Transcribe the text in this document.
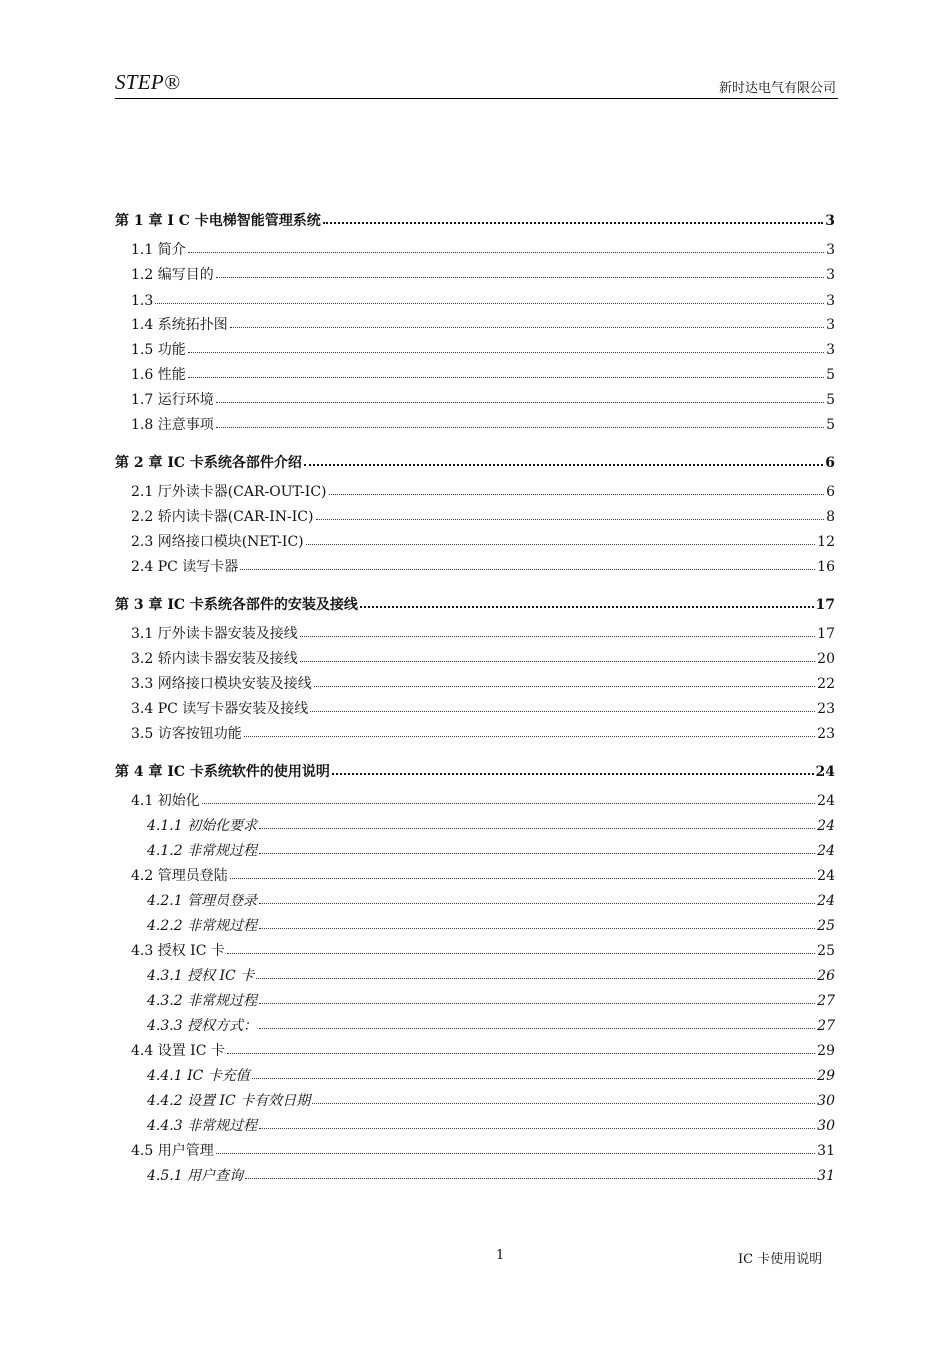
STEP®	新时达电气有限公司
第 1 章 I C 卡电梯智能管理系统	3
1.1 简介	3
1.2 编写目的	3
1.3	3
1.4 系统拓扑图	3
1.5 功能	3
1.6 性能	5
1.7 运行环境	5
1.8 注意事项	5
第 2 章 IC 卡系统各部件介绍	6
2.1 厅外读卡器(CAR-OUT-IC)	6
2.2 轿内读卡器(CAR-IN-IC)	8
2.3 网络接口模块(NET-IC)	12
2.4 PC 读写卡器	16
第 3 章 IC 卡系统各部件的安装及接线	17
3.1 厅外读卡器安装及接线	17
3.2 轿内读卡器安装及接线	20
3.3 网络接口模块安装及接线	22
3.4 PC 读写卡器安装及接线	23
3.5 访客按钮功能	23
第 4 章 IC 卡系统软件的使用说明	24
4.1 初始化	24
4.1.1 初始化要求	24
4.1.2 非常规过程	24
4.2 管理员登陆	24
4.2.1 管理员登录	24
4.2.2 非常规过程	25
4.3 授权 IC 卡	25
4.3.1 授权 IC 卡	26
4.3.2 非常规过程	27
4.3.3 授权方式：	27
4.4 设置 IC 卡	29
4.4.1 IC 卡充值	29
4.4.2 设置 IC 卡有效日期	30
4.4.3 非常规过程	30
4.5 用户管理	31
4.5.1 用户查询	31
1	IC 卡使用说明
